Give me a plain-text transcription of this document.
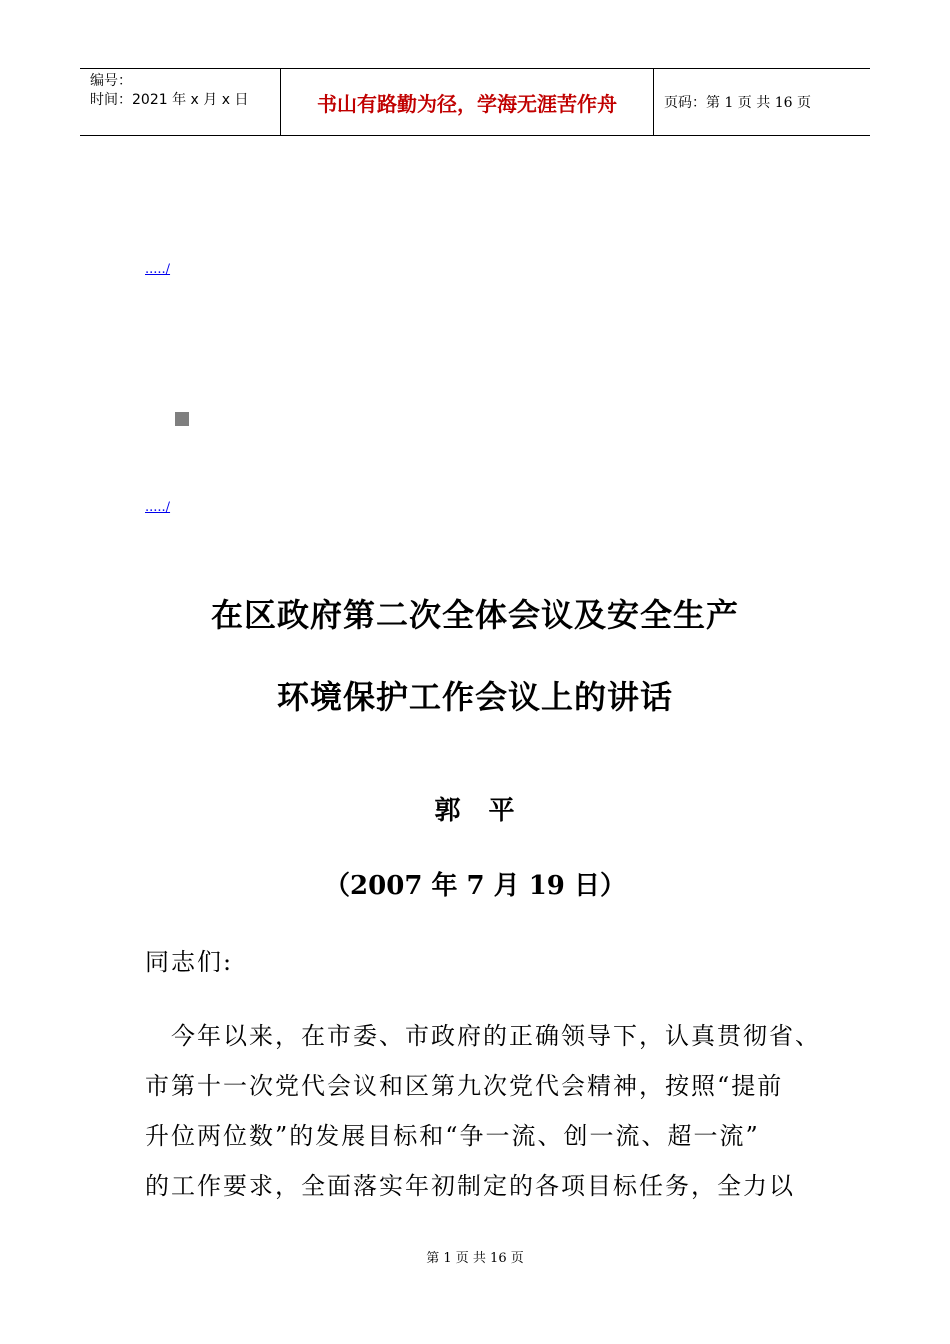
编号：
时间：2021 年 x 月 x 日	书山有路勤为径，学海无涯苦作舟	页码：第 1 页 共 16 页
...../
...../
在区政府第二次全体会议及安全生产
环境保护工作会议上的讲话
郭　平
（2007 年 7 月 19 日）
同志们:
　今年以来，在市委、市政府的正确领导下，认真贯彻省、
市第十一次党代会议和区第九次党代会精神，按照“提前
升位两位数”的发展目标和“争一流、创一流、超一流”
的工作要求，全面落实年初制定的各项目标任务，全力以
第 1 页 共 16 页
